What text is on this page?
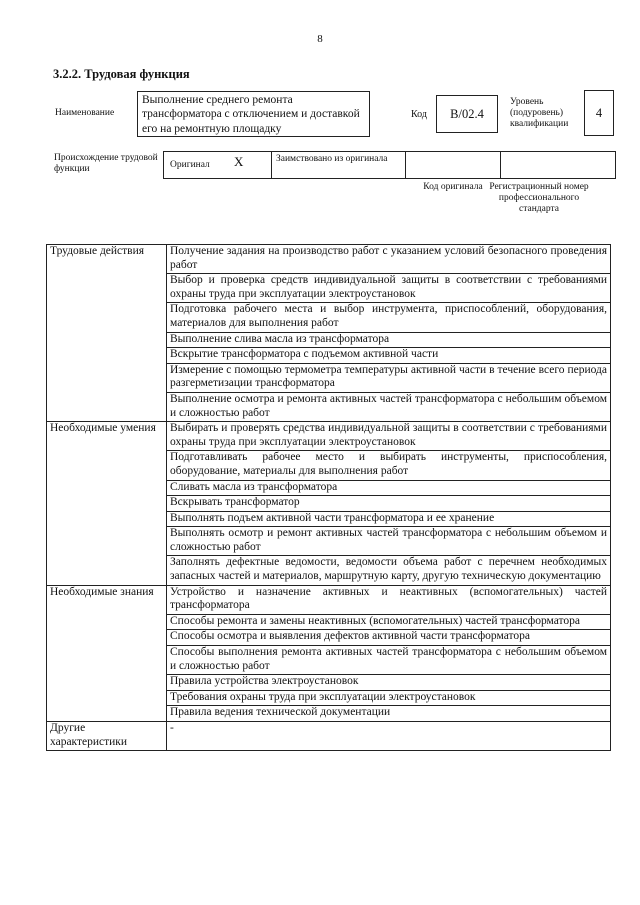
8
3.2.2. Трудовая функция
Наименование
Выполнение среднего ремонта трансформатора с отключением и доставкой его на ремонтную площадку
Код	B/02.4
Уровень (подуровень) квалификации
4
Происхождение трудовой функции	Оригинал X	Заимствовано из оригинала
Код оригинала Регистрационный номер профессионального стандарта
Трудовые действия	Получение задания на производство работ с указанием условий безопасного проведения работ
	Выбор и проверка средств индивидуальной защиты в соответствии с требованиями охраны труда при эксплуатации электроустановок
	Подготовка рабочего места и выбор инструмента, приспособлений, оборудования, материалов для выполнения работ
	Выполнение слива масла из трансформатора
	Вскрытие трансформатора с подъемом активной части
	Измерение с помощью термометра температуры активной части в течение всего периода разгерметизации трансформатора
	Выполнение осмотра и ремонта активных частей трансформатора с небольшим объемом и сложностью работ
Необходимые умения	Выбирать и проверять средства индивидуальной защиты в соответствии с требованиями охраны труда при эксплуатации электроустановок
	Подготавливать рабочее место и выбирать инструменты, приспособления, оборудование, материалы для выполнения работ
	Сливать масла из трансформатора
	Вскрывать трансформатор
	Выполнять подъем активной части трансформатора и ее хранение
	Выполнять осмотр и ремонт активных частей трансформатора с небольшим объемом и сложностью работ
	Заполнять дефектные ведомости, ведомости объема работ с перечнем необходимых запасных частей и материалов, маршрутную карту, другую техническую документацию
Необходимые знания	Устройство и назначение активных и неактивных (вспомогательных) частей трансформатора
	Способы ремонта и замены неактивных (вспомогательных) частей трансформатора
	Способы осмотра и выявления дефектов активной части трансформатора
	Способы выполнения ремонта активных частей трансформатора с небольшим объемом и сложностью работ
	Правила устройства электроустановок
	Требования охраны труда при эксплуатации электроустановок
	Правила ведения технической документации
Другие характеристики	-
